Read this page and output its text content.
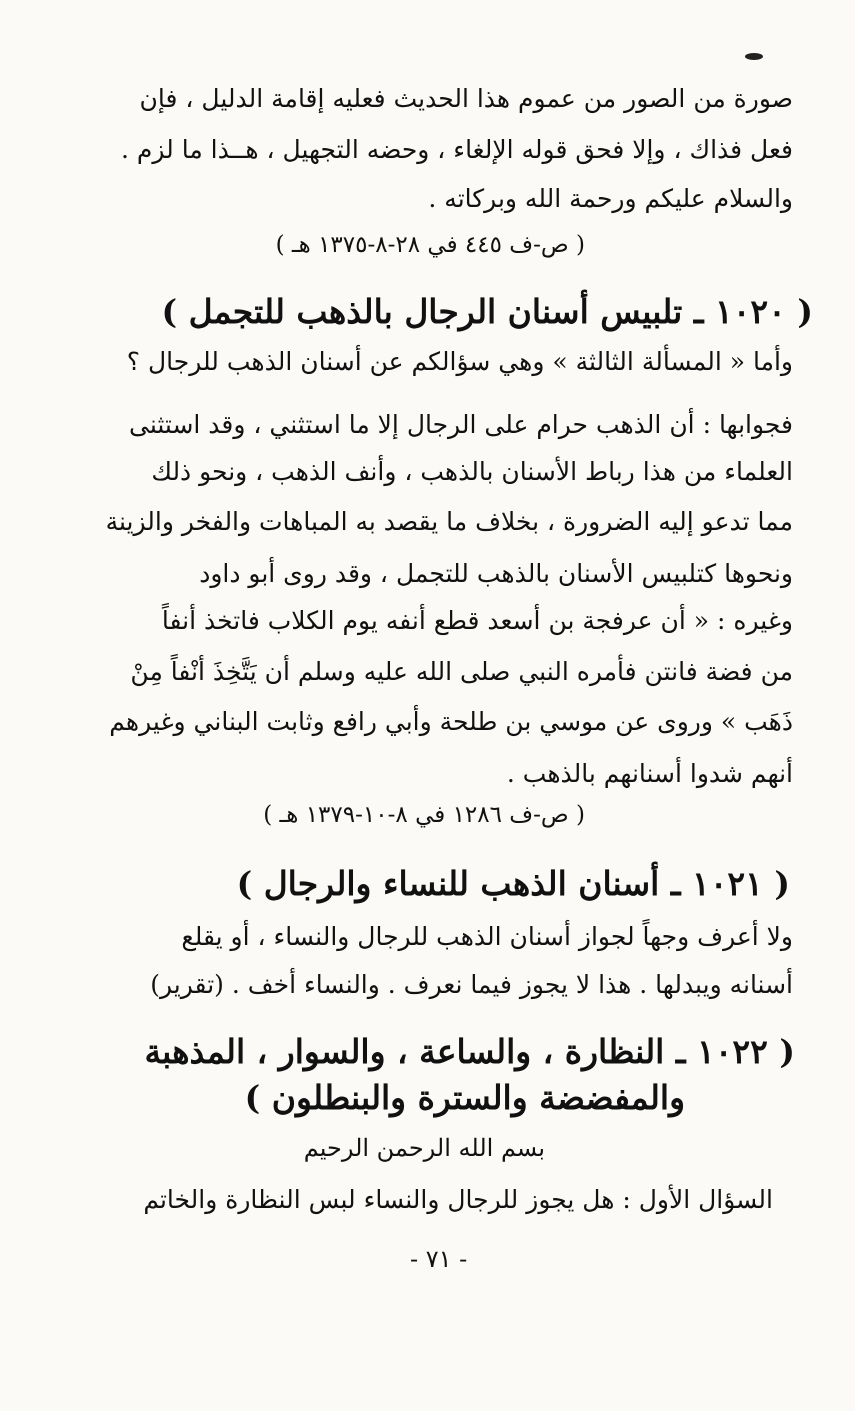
صورة من الصور من عموم هذا الحديث فعليه إقامة الدليل ، فإن
فعل فذاك ، وإلا فحق قوله الإلغاء ، وحضه التجهيل ، هــذا ما لزم .
والسلام عليكم ورحمة الله وبركاته .
( ص-ف ٤٤٥ في ٢٨-٨-١٣٧٥ هـ )
( ١٠٢٠ ـ تلبيس أسنان الرجال بالذهب للتجمل )
وأما « المسألة الثالثة » وهي سؤالكم عن أسنان الذهب للرجال ؟
فجوابها : أن الذهب حرام على الرجال إلا ما استثني ، وقد استثنى
العلماء من هذا رباط الأسنان بالذهب ، وأنف الذهب ، ونحو ذلك
مما تدعو إليه الضرورة ، بخلاف ما يقصد به المباهات والفخر والزينة
ونحوها كتلبيس الأسنان بالذهب للتجمل ، وقد روى أبو داود
وغيره : « أن عرفجة بن أسعد قطع أنفه يوم الكلاب فاتخذ أنفاً
من فضة فانتن فأمره النبي صلى الله عليه وسلم أن يَتَّخِذَ أنْفاً مِنْ
ذَهَب » وروى عن موسي بن طلحة وأبي رافع وثابت البناني وغيرهم
أنهم شدوا أسنانهم بالذهب .
( ص-ف ١٢٨٦ في ٨-١٠-١٣٧٩ هـ )
( ١٠٢١ ـ أسنان الذهب للنساء والرجال )
ولا أعرف وجهاً لجواز أسنان الذهب للرجال والنساء ، أو يقلع
أسنانه ويبدلها . هذا لا يجوز فيما نعرف . والنساء أخف . (تقرير)
( ١٠٢٢ ـ النظارة ، والساعة ، والسوار ، المذهبة
والمفضضة والسترة والبنطلون )
بسم الله الرحمن الرحيم
السؤال الأول : هل يجوز للرجال والنساء لبس النظارة والخاتم
- ٧١ -
